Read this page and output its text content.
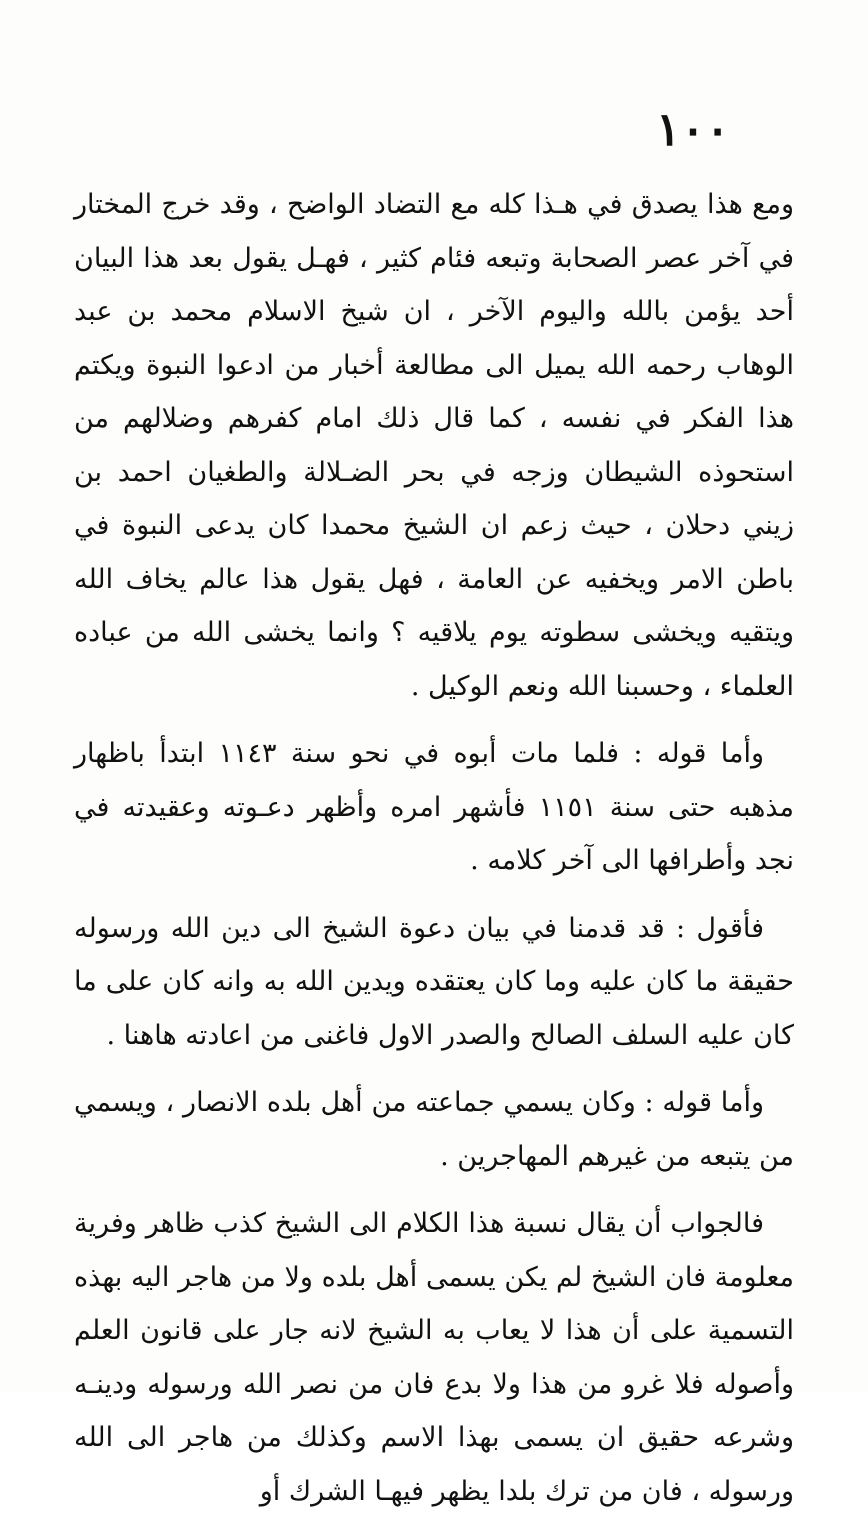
١٠٠

ومع هذا يصدق في هـذا كله مع التضاد الواضح ، وقد خرج المختار في آخر عصر الصحابة وتبعه فئام كثير ، فهـل يقول بعد هذا البيان أحد يؤمن بالله واليوم الآخر ، ان شيخ الاسلام محمد بن عبد الوهاب رحمه الله يميل الى مطالعة أخبار من ادعوا النبوة ويكتم هذا الفكر في نفسه ، كما قال ذلك امام كفرهم وضلالهم من استحوذه الشيطان وزجه في بحر الضـلالة والطغيان احمد بن زيني دحلان ، حيث زعم ان الشيخ محمدا كان يدعى النبوة في باطن الامر ويخفيه عن العامة ، فهل يقول هذا عالم يخاف الله ويتقيه ويخشى سطوته يوم يلاقيه ؟ وانما يخشى الله من عباده العلماء ، وحسبنا الله ونعم الوكيل .

وأما قوله : فلما مات أبوه في نحو سنة ١١٤٣ ابتدأ باظهار مذهبه حتى سنة ١١٥١ فأشهر امره وأظهر دعـوته وعقيدته في نجد وأطرافها الى آخر كلامه .

فأقول : قد قدمنا في بيان دعوة الشيخ الى دين الله ورسوله حقيقة ما كان عليه وما كان يعتقده ويدين الله به وانه كان على ما كان عليه السلف الصالح والصدر الاول فاغنى من اعادته هاهنا .

وأما قوله : وكان يسمي جماعته من أهل بلده الانصار ، ويسمي من يتبعه من غيرهم المهاجرين .

فالجواب أن يقال نسبة هذا الكلام الى الشيخ كذب ظاهر وفرية معلومة فان الشيخ لم يكن يسمى أهل بلده ولا من هاجر اليه بهذه التسمية على أن هذا لا يعاب به الشيخ لانه جار على قانون العلم وأصوله فلا غرو من هذا ولا بدع فان من نصر الله ورسوله ودينـه وشرعه حقيق ان يسمى بهذا الاسم وكذلك من هاجر الى الله ورسوله ، فان من ترك بلدا يظهر فيهـا الشرك أو
